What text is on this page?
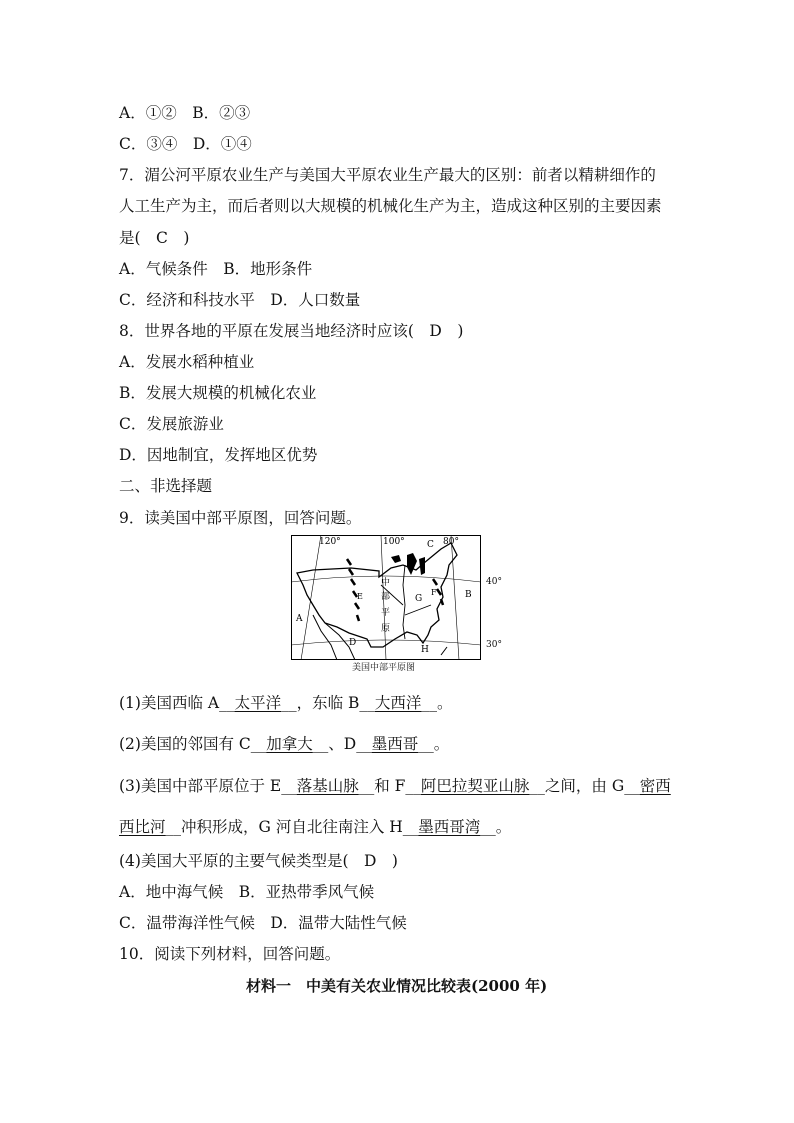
A．①②　B．②③
C．③④　D．①④
7．湄公河平原农业生产与美国大平原农业生产最大的区别：前者以精耕细作的
人工生产为主，而后者则以大规模的机械化生产为主，造成这种区别的主要因素
是(　C　)
A．气候条件　B．地形条件
C．经济和科技水平　D．人口数量
8．世界各地的平原在发展当地经济时应该(　D　)
A．发展水稻种植业
B．发展大规模的机械化农业
C．发展旅游业
D．因地制宜，发挥地区优势
二、非选择题
9．读美国中部平原图，回答问题。
120°	100°	80°
C
中
部
平
原
E
A
G
F	B
D
H
40°
30°
美国中部平原图
(1)美国西临 A__太平洋__，东临 B__大西洋__。
(2)美国的邻国有 C__加拿大__、D__墨西哥__。
(3)美国中部平原位于 E__落基山脉__和 F__阿巴拉契亚山脉__之间，由 G__密西
西比河__冲积形成，G 河自北往南注入 H__墨西哥湾__。
(4)美国大平原的主要气候类型是(　D　)
A．地中海气候　B．亚热带季风气候
C．温带海洋性气候　D．温带大陆性气候
10．阅读下列材料，回答问题。
材料一　中美有关农业情况比较表(2000 年)
